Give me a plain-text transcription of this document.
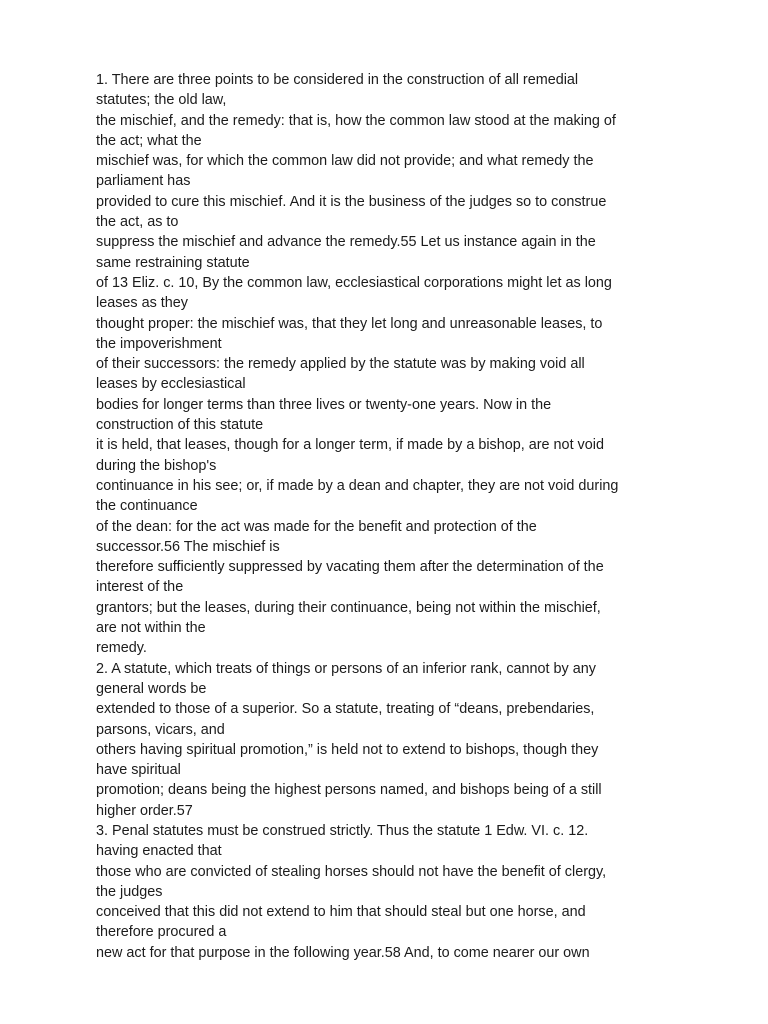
1. There are three points to be considered in the construction of all remedial
statutes; the old law,
the mischief, and the remedy: that is, how the common law stood at the making of
the act; what the
mischief was, for which the common law did not provide; and what remedy the
parliament has
provided to cure this mischief. And it is the business of the judges so to construe
the act, as to
suppress the mischief and advance the remedy.55 Let us instance again in the
same restraining statute
of 13 Eliz. c. 10, By the common law, ecclesiastical corporations might let as long
leases as they
thought proper: the mischief was, that they let long and unreasonable leases, to
the impoverishment
of their successors: the remedy applied by the statute was by making void all
leases by ecclesiastical
bodies for longer terms than three lives or twenty-one years. Now in the
construction of this statute
it is held, that leases, though for a longer term, if made by a bishop, are not void
during the bishop's
continuance in his see; or, if made by a dean and chapter, they are not void during
the continuance
of the dean: for the act was made for the benefit and protection of the
successor.56 The mischief is
therefore sufficiently suppressed by vacating them after the determination of the
interest of the
grantors; but the leases, during their continuance, being not within the mischief,
are not within the
remedy.
2. A statute, which treats of things or persons of an inferior rank, cannot by any
general words be
extended to those of a superior. So a statute, treating of “deans, prebendaries,
parsons, vicars, and
others having spiritual promotion,” is held not to extend to bishops, though they
have spiritual
promotion; deans being the highest persons named, and bishops being of a still
higher order.57
3. Penal statutes must be construed strictly. Thus the statute 1 Edw. VI. c. 12.
having enacted that
those who are convicted of stealing horses should not have the benefit of clergy,
the judges
conceived that this did not extend to him that should steal but one horse, and
therefore procured a
new act for that purpose in the following year.58 And, to come nearer our own
